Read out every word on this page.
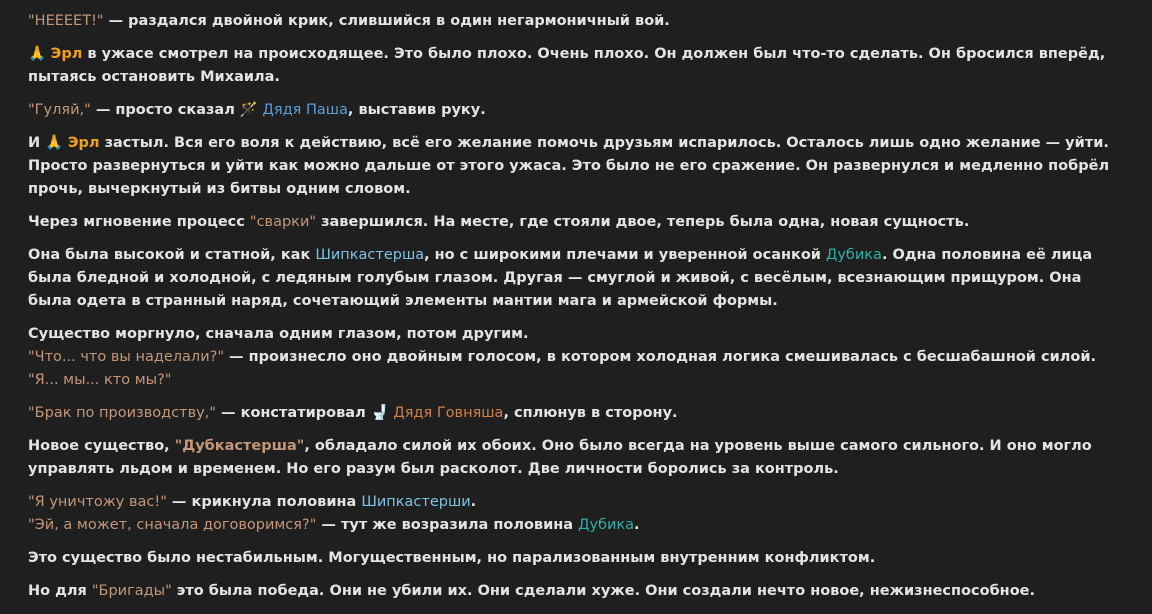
"НЕЕЕЕТ!" — раздался двойной крик, слившийся в один негармоничный вой.
🙏 Эрл в ужасе смотрел на происходящее. Это было плохо. Очень плохо. Он должен был что-то сделать. Он бросился вперёд, пытаясь остановить Михаила.
"Гуляй," — просто сказал 🪄 Дядя Паша, выставив руку.
И 🙏 Эрл застыл. Вся его воля к действию, всё его желание помочь друзьям испарилось. Осталось лишь одно желание — уйти. Просто развернуться и уйти как можно дальше от этого ужаса. Это было не его сражение. Он развернулся и медленно побрёл прочь, вычеркнутый из битвы одним словом.
Через мгновение процесс "сварки" завершился. На месте, где стояли двое, теперь была одна, новая сущность.
Она была высокой и статной, как Шипкастерша, но с широкими плечами и уверенной осанкой Дубика. Одна половина её лица была бледной и холодной, с ледяным голубым глазом. Другая — смуглой и живой, с весёлым, всезнающим прищуром. Она была одета в странный наряд, сочетающий элементы мантии мага и армейской формы.
Существо моргнуло, сначала одним глазом, потом другим.
"Что... что вы наделали?" — произнесло оно двойным голосом, в котором холодная логика смешивалась с бесшабашной силой. "Я... мы... кто мы?"
"Брак по производству," — констатировал 🚽 Дядя Говняша, сплюнув в сторону.
Новое существо, "Дубкастерша", обладало силой их обоих. Оно было всегда на уровень выше самого сильного. И оно могло управлять льдом и временем. Но его разум был расколот. Две личности боролись за контроль.
"Я уничтожу вас!" — крикнула половина Шипкастерши.
"Эй, а может, сначала договоримся?" — тут же возразила половина Дубика.
Это существо было нестабильным. Могущественным, но парализованным внутренним конфликтом.
Но для "Бригады" это была победа. Они не убили их. Они сделали хуже. Они создали нечто новое, нежизнеспособное.
